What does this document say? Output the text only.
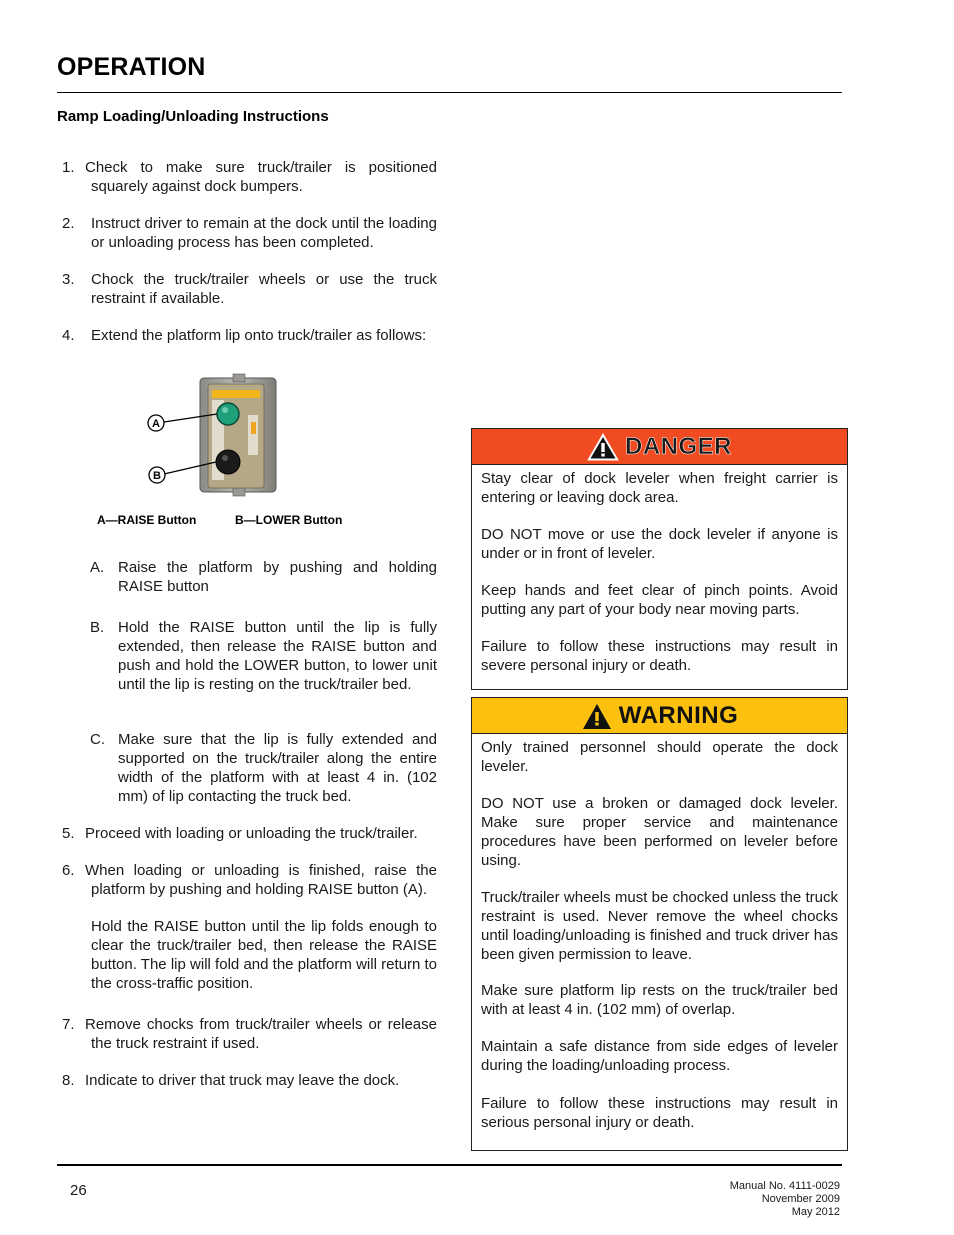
OPERATION
Ramp Loading/Unloading Instructions
1. Check to make sure truck/trailer is positioned squarely against dock bumpers.
2. Instruct driver to remain at the dock until the loading or unloading process has been completed.
3. Chock the truck/trailer wheels or use the truck restraint if available.
4. Extend the platform lip onto truck/trailer as follows:
A. Raise the platform by pushing and holding RAISE button
B. Hold the RAISE button until the lip is fully extended, then release the RAISE button and push and hold the LOWER button, to lower unit until the lip is resting on the truck/trailer bed.
C. Make sure that the lip is fully extended and supported on the truck/trailer along the entire width of the platform with at least 4 in. (102 mm) of lip contacting the truck bed.
5. Proceed with loading or unloading the truck/trailer.
6. When loading or unloading is finished, raise the platform by pushing and holding RAISE button (A).
Hold the RAISE button until the lip folds enough to clear the truck/trailer bed, then release the RAISE button. The lip will fold and the platform will return to the cross-traffic position.
7. Remove chocks from truck/trailer wheels or release the truck restraint if used.
8. Indicate to driver that truck may leave the dock.
A
B
A—RAISE Button	B—LOWER Button
DANGER
Stay clear of dock leveler when freight carrier is entering or leaving dock area.
DO NOT move or use the dock leveler if anyone is under or in front of leveler.
Keep hands and feet clear of pinch points. Avoid putting any part of your body near moving parts.
Failure to follow these instructions may result in severe personal injury or death.
WARNING
Only trained personnel should operate the dock leveler.
DO NOT use a broken or damaged dock leveler. Make sure proper service and maintenance procedures have been performed on leveler before using.
Truck/trailer wheels must be chocked unless the truck restraint is used. Never remove the wheel chocks until loading/unloading is finished and truck driver has been given permission to leave.
Make sure platform lip rests on the truck/trailer bed with at least 4 in. (102 mm) of overlap.
Maintain a safe distance from side edges of leveler during the loading/unloading process.
Failure to follow these instructions may result in serious personal injury or death.
26	Manual No. 4111-0029
November 2009
May 2012
